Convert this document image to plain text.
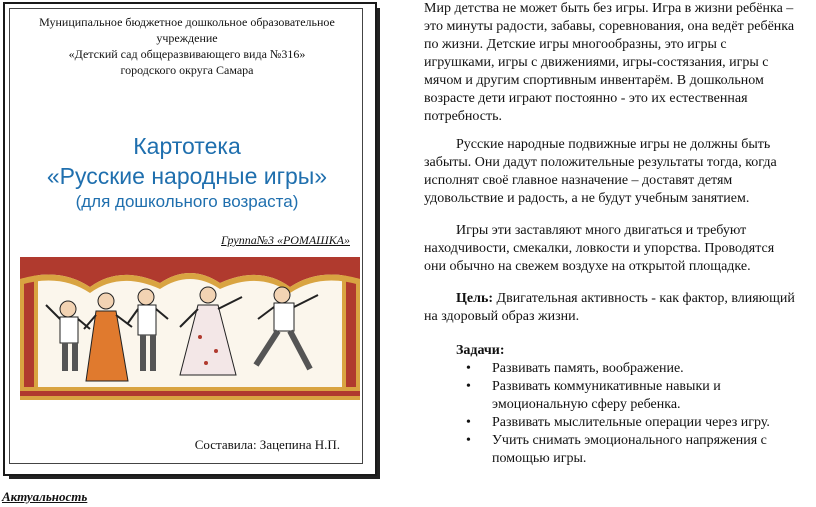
Муниципальное бюджетное дошкольное образовательное учреждение
«Детский сад общеразвивающего вида №316»
городского округа Самара
Картотека
«Русские народные игры»
(для дошкольного возраста)
Группа№3 «РОМАШКА»
Составила: Зацепина Н.П.

Мир детства не может быть без игры. Игра в жизни ребёнка – это минуты радости, забавы, соревнования, она ведёт ребёнка по жизни. Детские игры многообразны, это игры с игрушками, игры с движениями, игры-состязания, игры с мячом и другим спортивным инвентарём. В дошкольном возрасте дети играют постоянно - это их естественная потребность.

Русские народные подвижные игры не должны быть забыты. Они дадут положительные результаты тогда, когда исполнят своё главное назначение – доставят детям удовольствие и радость, а не будут учебным занятием.

Игры эти заставляют много двигаться и требуют находчивости, смекалки, ловкости и упорства. Проводятся они обычно на свежем воздухе на открытой площадке.

Цель: Двигательная активность - как фактор, влияющий на здоровый образ жизни.

Задачи:
• Развивать память, воображение.
• Развивать коммуникативные навыки и эмоциональную сферу ребенка.
• Развивать мыслительные операции через игру.
• Учить снимать эмоционального напряжения с помощью игры.
Актуальность
